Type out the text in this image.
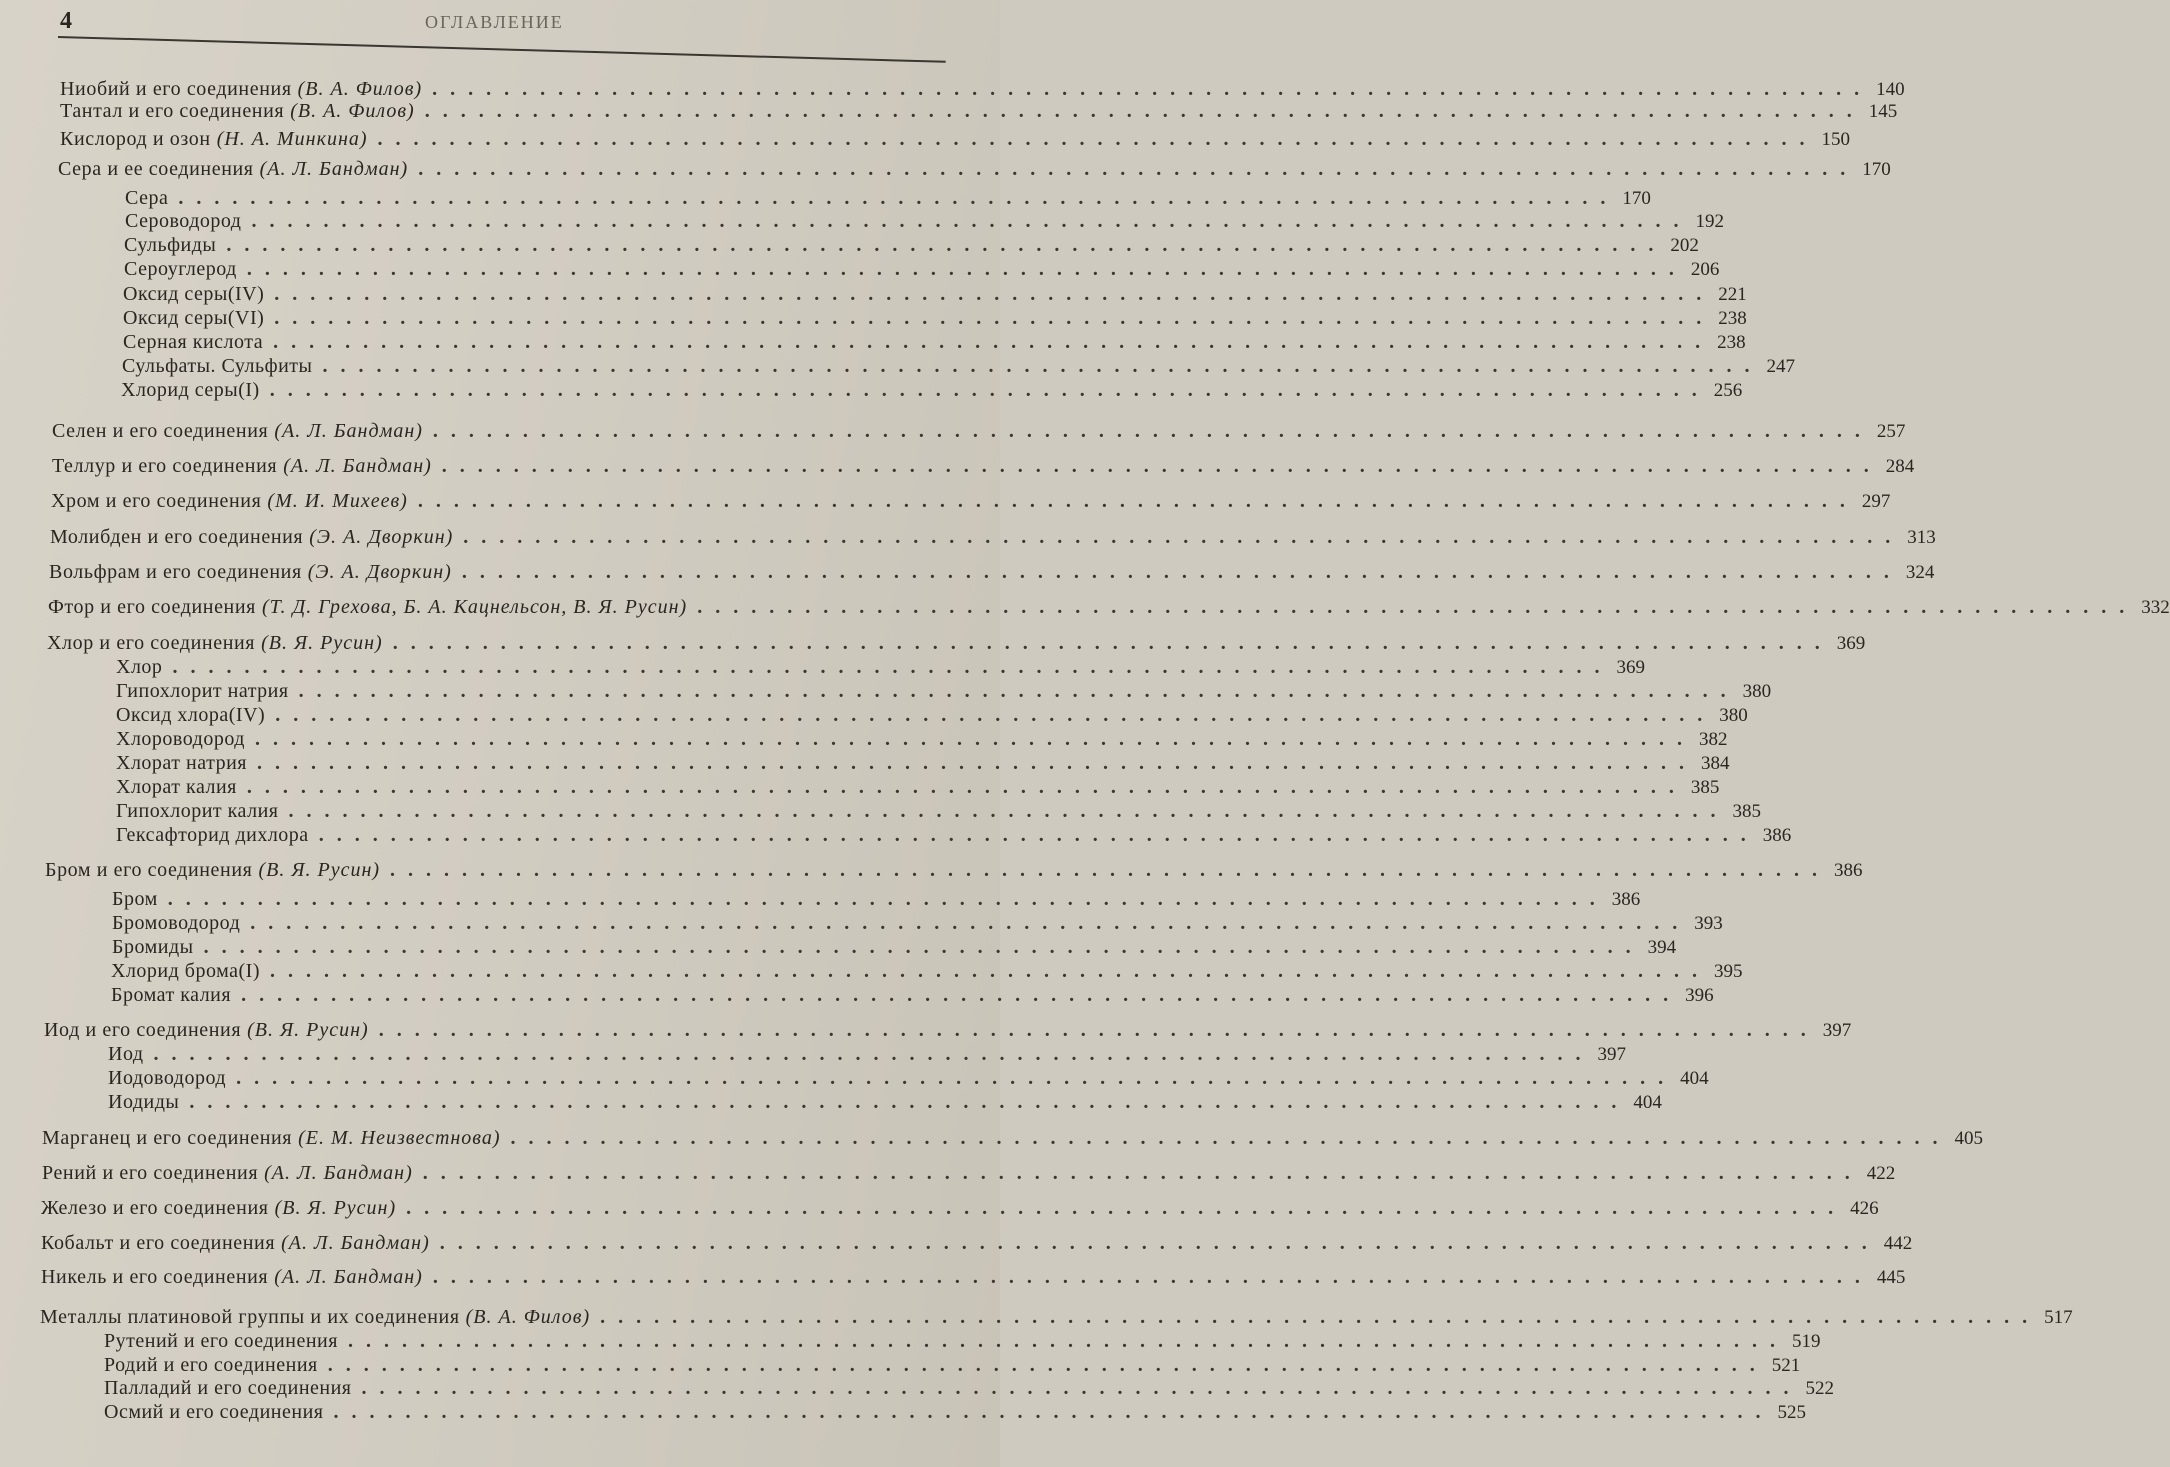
4	ОГЛАВЛЕНИЕ
Ниобий и его соединения (В. А. Филов) ................................................................................ 140
Тантал и его соединения (В. А. Филов) ................................................................................ 145
Кислород и озон (Н. А. Минкина) ................................................................................ 150
Сера и ее соединения (А. Л. Бандман) ................................................................................ 170
Сера ................................................................................ 170
Сероводород ................................................................................ 192
Сульфиды ................................................................................ 202
Сероуглерод ................................................................................ 206
Оксид серы(IV) ................................................................................ 221
Оксид серы(VI) ................................................................................ 238
Серная кислота ................................................................................ 238
Сульфаты. Сульфиты ................................................................................ 247
Хлорид серы(I) ................................................................................ 256
Селен и его соединения (А. Л. Бандман) ................................................................................ 257
Теллур и его соединения (А. Л. Бандман) ................................................................................ 284
Хром и его соединения (М. И. Михеев) ................................................................................ 297
Молибден и его соединения (Э. А. Дворкин) ................................................................................ 313
Вольфрам и его соединения (Э. А. Дворкин) ................................................................................ 324
Фтор и его соединения (Т. Д. Грехова, Б. А. Кацнельсон, В. Я. Русин) ................................................................................ 332
Хлор и его соединения (В. Я. Русин) ................................................................................ 369
Хлор ................................................................................ 369
Гипохлорит натрия ................................................................................ 380
Оксид хлора(IV) ................................................................................ 380
Хлороводород ................................................................................ 382
Хлорат натрия ................................................................................ 384
Хлорат калия ................................................................................ 385
Гипохлорит калия ................................................................................ 385
Гексафторид дихлора ................................................................................ 386
Бром и его соединения (В. Я. Русин) ................................................................................ 386
Бром ................................................................................ 386
Бромоводород ................................................................................ 393
Бромиды ................................................................................ 394
Хлорид брома(I) ................................................................................ 395
Бромат калия ................................................................................ 396
Иод и его соединения (В. Я. Русин) ................................................................................ 397
Иод ................................................................................ 397
Иодоводород ................................................................................ 404
Иодиды ................................................................................ 404
Марганец и его соединения (Е. М. Неизвестнова) ................................................................................ 405
Рений и его соединения (А. Л. Бандман) ................................................................................ 422
Железо и его соединения (В. Я. Русин) ................................................................................ 426
Кобальт и его соединения (А. Л. Бандман) ................................................................................ 442
Никель и его соединения (А. Л. Бандман) ................................................................................ 445
Металлы платиновой группы и их соединения (В. А. Филов) ................................................................................ 517
Рутений и его соединения ................................................................................ 519
Родий и его соединения ................................................................................ 521
Палладий и его соединения ................................................................................ 522
Осмий и его соединения ................................................................................ 525
